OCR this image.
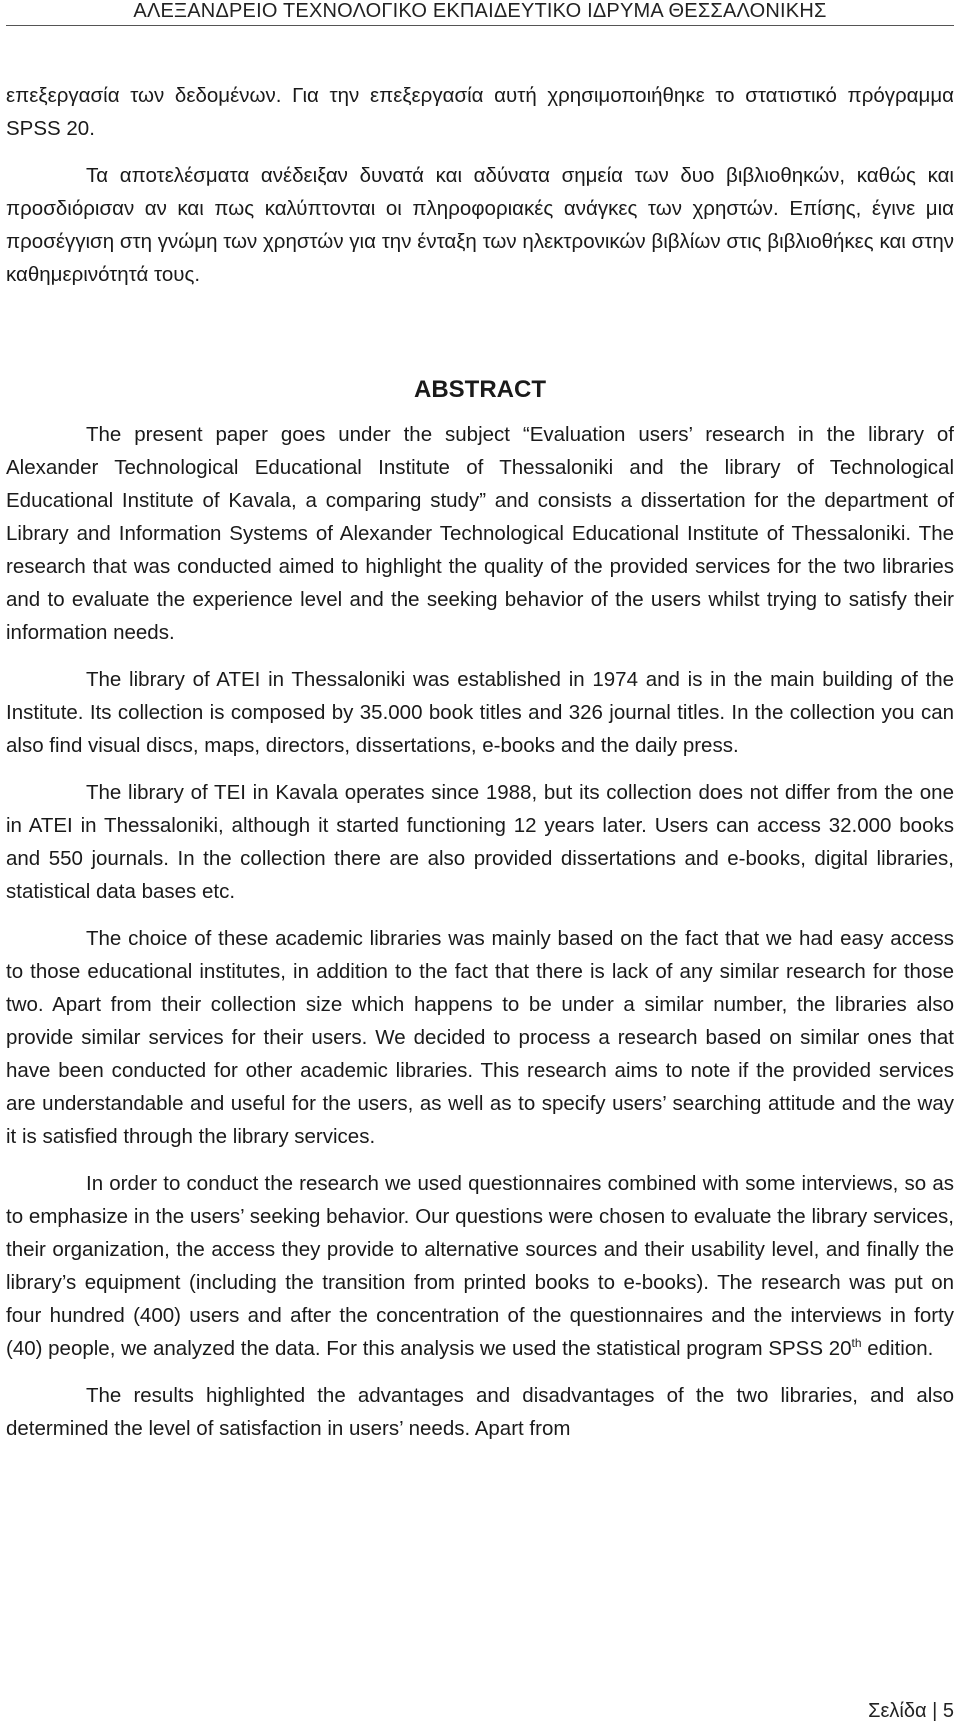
ΑΛΕΞΑΝΔΡΕΙΟ ΤΕΧΝΟΛΟΓΙΚΟ ΕΚΠΑΙΔΕΥΤΙΚΟ ΙΔΡΥΜΑ ΘΕΣΣΑΛΟΝΙΚΗΣ

επεξεργασία των δεδομένων. Για την επεξεργασία αυτή χρησιμοποιήθηκε το στατιστικό πρόγραμμα SPSS 20.

Τα αποτελέσματα ανέδειξαν δυνατά και αδύνατα σημεία των δυο βιβλιοθηκών, καθώς και προσδιόρισαν αν και πως καλύπτονται οι πληροφοριακές ανάγκες των χρηστών. Επίσης, έγινε μια προσέγγιση στη γνώμη των χρηστών για την ένταξη των ηλεκτρονικών βιβλίων στις βιβλιοθήκες και στην καθημερινότητά τους.

ABSTRACT

The present paper goes under the subject “Evaluation users’ research in the library of Alexander Technological Educational Institute of Thessaloniki and the library of Technological Educational Institute of Kavala, a comparing study” and consists a dissertation for the department of Library and Information Systems of Alexander Technological Educational Institute of Thessaloniki. The research that was conducted aimed to highlight the quality of the provided services for the two libraries and to evaluate the experience level and the seeking behavior of the users whilst trying to satisfy their information needs.

The library of ATEI in Thessaloniki was established in 1974 and is in the main building of the Institute. Its collection is composed by 35.000 book titles and 326 journal titles. In the collection you can also find visual discs, maps, directors, dissertations, e-books and the daily press.

The library of TEI in Kavala operates since 1988, but its collection does not differ from the one in ATEI in Thessaloniki, although it started functioning 12 years later. Users can access 32.000 books and 550 journals. In the collection there are also provided dissertations and e-books, digital libraries, statistical data bases etc.

The choice of these academic libraries was mainly based on the fact that we had easy access to those educational institutes, in addition to the fact that there is lack of any similar research for those two. Apart from their collection size which happens to be under a similar number, the libraries also provide similar services for their users. We decided to process a research based on similar ones that have been conducted for other academic libraries. This research aims to note if the provided services are understandable and useful for the users, as well as to specify users’ searching attitude and the way it is satisfied through the library services.

In order to conduct the research we used questionnaires combined with some interviews, so as to emphasize in the users’ seeking behavior. Our questions were chosen to evaluate the library services, their organization, the access they provide to alternative sources and their usability level, and finally the library’s equipment (including the transition from printed books to e-books). The research was put on four hundred (400) users and after the concentration of the questionnaires and the interviews in forty (40) people, we analyzed the data. For this analysis we used the statistical program SPSS 20th edition.

The results highlighted the advantages and disadvantages of the two libraries, and also determined the level of satisfaction in users’ needs. Apart from

Σελίδα | 5
